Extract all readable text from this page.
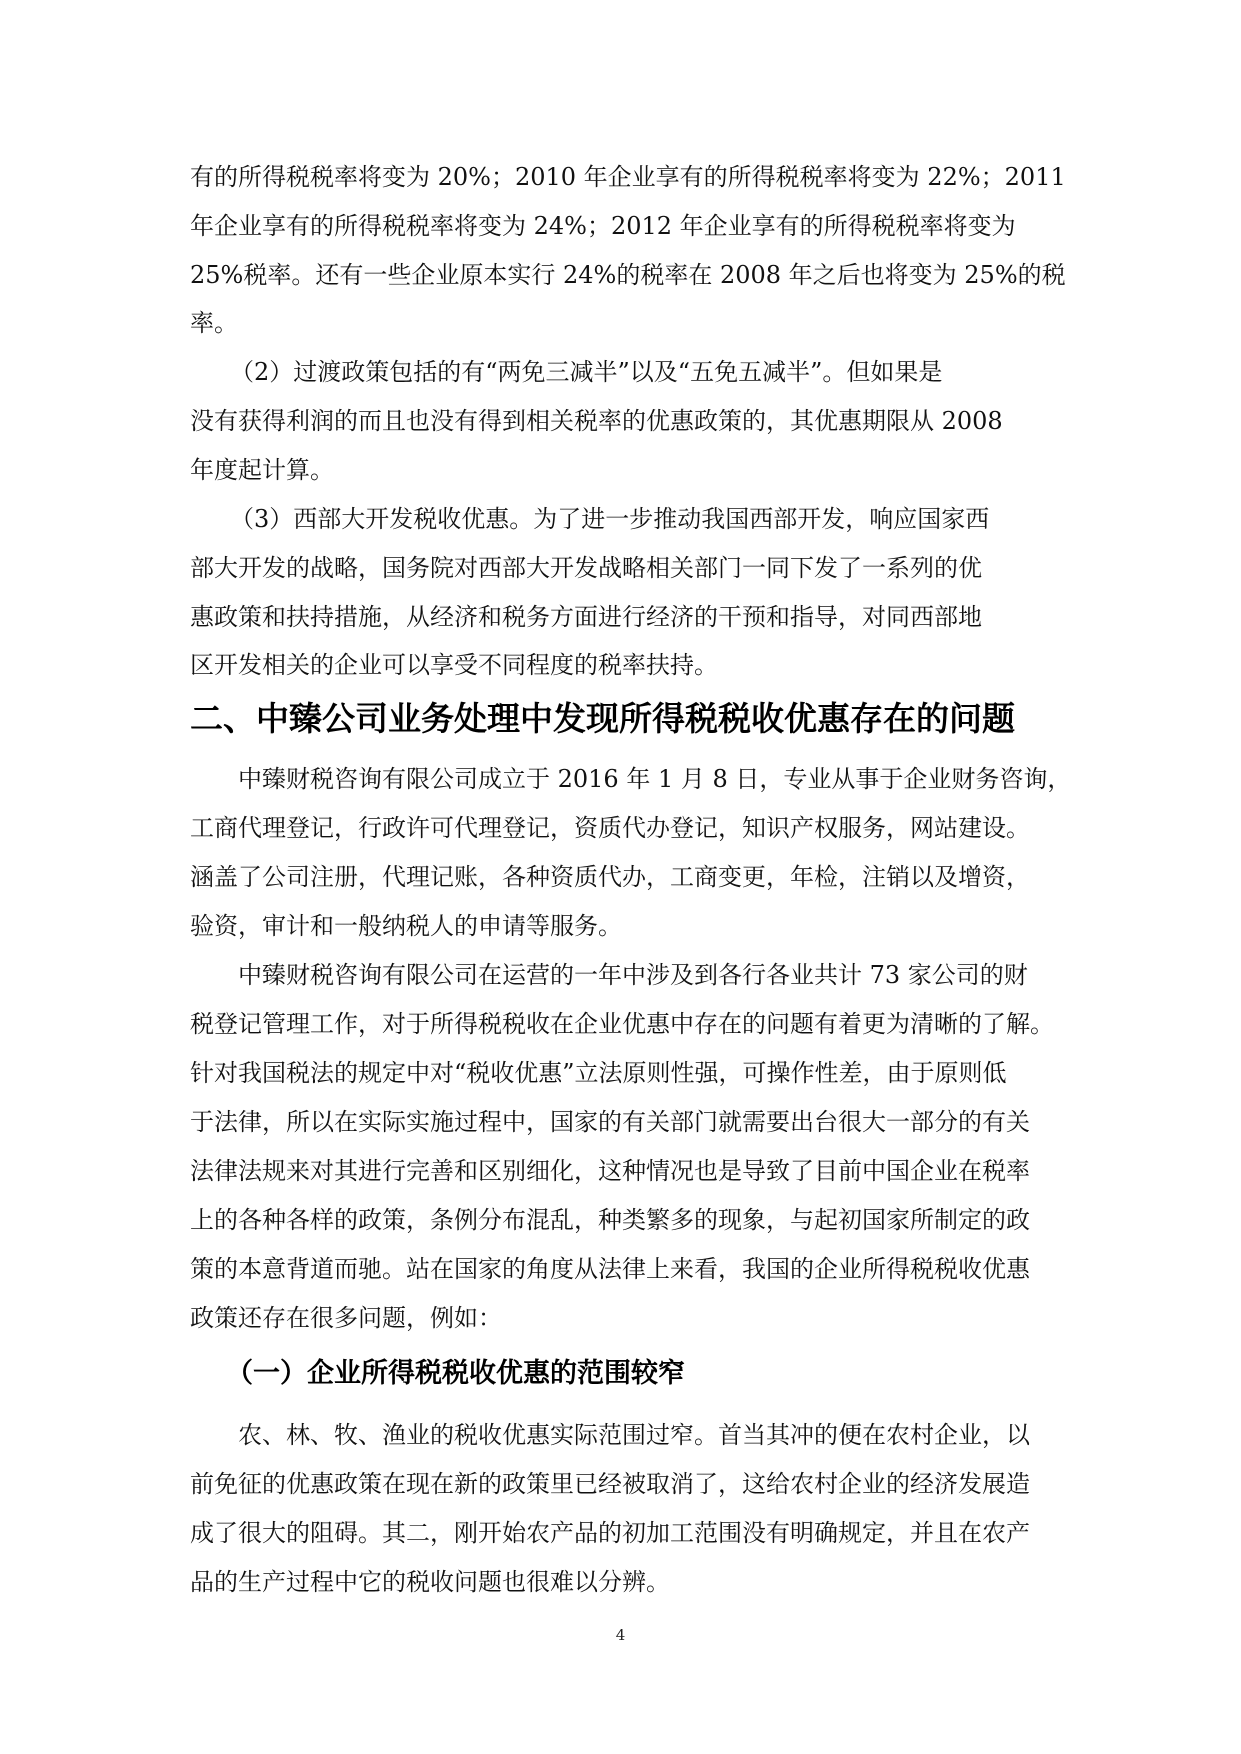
有的所得税税率将变为 20%；2010 年企业享有的所得税税率将变为 22%；2011
年企业享有的所得税税率将变为 24%；2012 年企业享有的所得税税率将变为
25%税率。还有一些企业原本实行 24%的税率在 2008 年之后也将变为 25%的税
率。
（2）过渡政策包括的有“两免三减半”以及“五免五减半”。但如果是
没有获得利润的而且也没有得到相关税率的优惠政策的，其优惠期限从 2008
年度起计算。
（3）西部大开发税收优惠。为了进一步推动我国西部开发，响应国家西
部大开发的战略，国务院对西部大开发战略相关部门一同下发了一系列的优
惠政策和扶持措施，从经济和税务方面进行经济的干预和指导，对同西部地
区开发相关的企业可以享受不同程度的税率扶持。
二、中臻公司业务处理中发现所得税税收优惠存在的问题
中臻财税咨询有限公司成立于 2016 年 1 月 8 日，专业从事于企业财务咨询，
工商代理登记，行政许可代理登记，资质代办登记，知识产权服务，网站建设。
涵盖了公司注册，代理记账，各种资质代办，工商变更，年检，注销以及增资，
验资，审计和一般纳税人的申请等服务。
中臻财税咨询有限公司在运营的一年中涉及到各行各业共计 73 家公司的财
税登记管理工作，对于所得税税收在企业优惠中存在的问题有着更为清晰的了解。
针对我国税法的规定中对“税收优惠”立法原则性强，可操作性差，由于原则低
于法律，所以在实际实施过程中，国家的有关部门就需要出台很大一部分的有关
法律法规来对其进行完善和区别细化，这种情况也是导致了目前中国企业在税率
上的各种各样的政策，条例分布混乱，种类繁多的现象，与起初国家所制定的政
策的本意背道而驰。站在国家的角度从法律上来看，我国的企业所得税税收优惠
政策还存在很多问题，例如：
（一）企业所得税税收优惠的范围较窄
农、林、牧、渔业的税收优惠实际范围过窄。首当其冲的便在农村企业，以
前免征的优惠政策在现在新的政策里已经被取消了，这给农村企业的经济发展造
成了很大的阻碍。其二，刚开始农产品的初加工范围没有明确规定，并且在农产
品的生产过程中它的税收问题也很难以分辨。
4
